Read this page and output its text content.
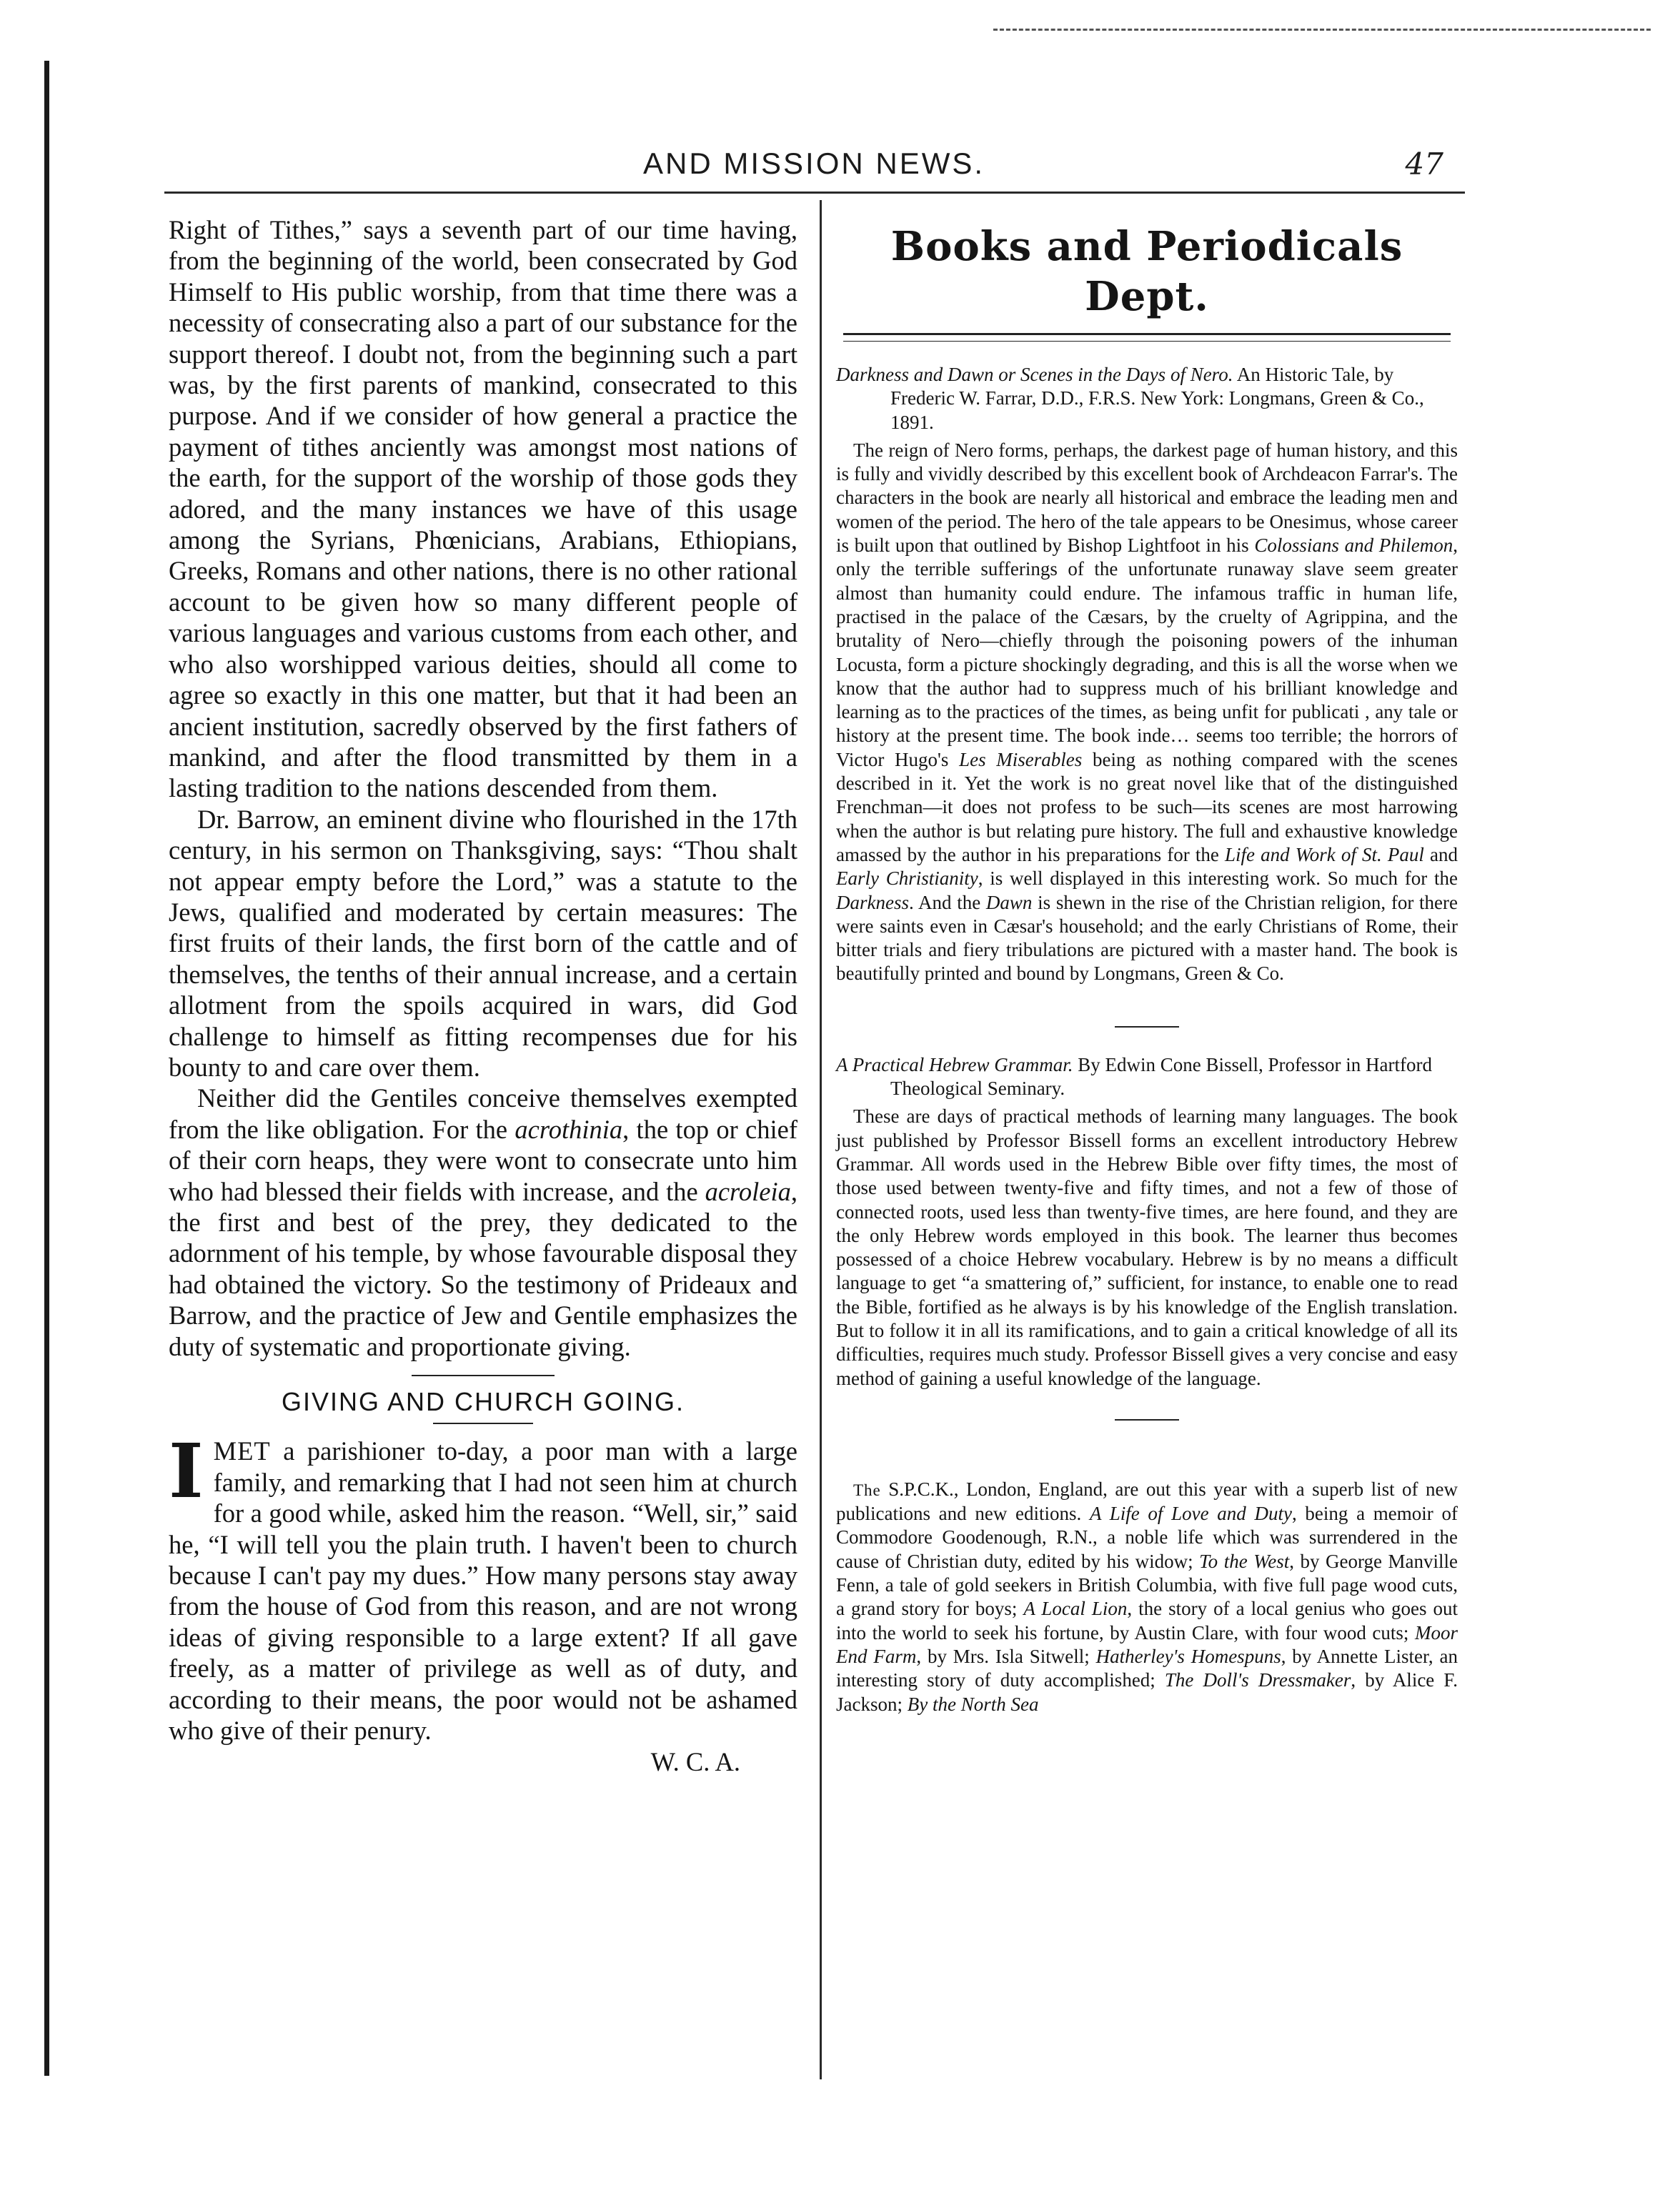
AND MISSION NEWS.	47

Right of Tithes,” says a seventh part of our time having, from the beginning of the world, been consecrated by God Himself to His public worship, from that time there was a necessity of consecrating also a part of our substance for the support thereof. I doubt not, from the beginning such a part was, by the first parents of mankind, consecrated to this purpose. And if we consider of how general a practice the payment of tithes anciently was amongst most nations of the earth, for the support of the worship of those gods they adored, and the many instances we have of this usage among the Syrians, Phœnicians, Arabians, Ethiopians, Greeks, Romans and other nations, there is no other rational account to be given how so many different people of various languages and various customs from each other, and who also worshipped various deities, should all come to agree so exactly in this one matter, but that it had been an ancient institution, sacredly observed by the first fathers of mankind, and after the flood transmitted by them in a lasting tradition to the nations descended from them.

Dr. Barrow, an eminent divine who flourished in the 17th century, in his sermon on Thanksgiving, says: “Thou shalt not appear empty before the Lord,” was a statute to the Jews, qualified and moderated by certain measures: The first fruits of their lands, the first born of the cattle and of themselves, the tenths of their annual increase, and a certain allotment from the spoils acquired in wars, did God challenge to himself as fitting recompenses due for his bounty to and care over them.

Neither did the Gentiles conceive themselves exempted from the like obligation. For the acrothinia, the top or chief of their corn heaps, they were wont to consecrate unto him who had blessed their fields with increase, and the acroleia, the first and best of the prey, they dedicated to the adornment of his temple, by whose favourable disposal they had obtained the victory. So the testimony of Prideaux and Barrow, and the practice of Jew and Gentile emphasizes the duty of systematic and proportionate giving.

GIVING AND CHURCH GOING.

IMET a parishioner to-day, a poor man with a large family, and remarking that I had not seen him at church for a good while, asked him the reason. “Well, sir,” said he, “I will tell you the plain truth. I haven't been to church because I can't pay my dues.” How many persons stay away from the house of God from this reason, and are not wrong ideas of giving responsible to a large extent? If all gave freely, as a matter of privilege as well as of duty, and according to their means, the poor would not be ashamed who give of their penury.

W. C. A.

Books and Periodicals Dept.

Darkness and Dawn or Scenes in the Days of Nero. An Historic Tale, by Frederic W. Farrar, D.D., F.R.S. New York: Longmans, Green & Co., 1891.

The reign of Nero forms, perhaps, the darkest page of human history, and this is fully and vividly described by this excellent book of Archdeacon Farrar's. The characters in the book are nearly all historical and embrace the leading men and women of the period. The hero of the tale appears to be Onesimus, whose career is built upon that outlined by Bishop Lightfoot in his Colossians and Philemon, only the terrible sufferings of the unfortunate runaway slave seem greater almost than humanity could endure. The infamous traffic in human life, practised in the palace of the Cæsars, by the cruelty of Agrippina, and the brutality of Nero—chiefly through the poisoning powers of the inhuman Locusta, form a picture shockingly degrading, and this is all the worse when we know that the author had to suppress much of his brilliant knowledge and learning as to the practices of the times, as being unfit for publicati , any tale or history at the present time. The book inde… seems too terrible; the horrors of Victor Hugo's Les Miserables being as nothing compared with the scenes described in it. Yet the work is no great novel like that of the distinguished Frenchman—it does not profess to be such—its scenes are most harrowing when the author is but relating pure history. The full and exhaustive knowledge amassed by the author in his preparations for the Life and Work of St. Paul and Early Christianity, is well displayed in this interesting work. So much for the Darkness. And the Dawn is shewn in the rise of the Christian religion, for there were saints even in Cæsar's household; and the early Christians of Rome, their bitter trials and fiery tribulations are pictured with a master hand. The book is beautifully printed and bound by Longmans, Green & Co.

A Practical Hebrew Grammar. By Edwin Cone Bissell, Professor in Hartford Theological Seminary.

These are days of practical methods of learning many languages. The book just published by Professor Bissell forms an excellent introductory Hebrew Grammar. All words used in the Hebrew Bible over fifty times, the most of those used between twenty-five and fifty times, and not a few of those of connected roots, used less than twenty-five times, are here found, and they are the only Hebrew words employed in this book. The learner thus becomes possessed of a choice Hebrew vocabulary. Hebrew is by no means a difficult language to get “a smattering of,” sufficient, for instance, to enable one to read the Bible, fortified as he always is by his knowledge of the English translation. But to follow it in all its ramifications, and to gain a critical knowledge of all its difficulties, requires much study. Professor Bissell gives a very concise and easy method of gaining a useful knowledge of the language.

The S.P.C.K., London, England, are out this year with a superb list of new publications and new editions. A Life of Love and Duty, being a memoir of Commodore Goodenough, R.N., a noble life which was surrendered in the cause of Christian duty, edited by his widow; To the West, by George Manville Fenn, a tale of gold seekers in British Columbia, with five full page wood cuts, a grand story for boys; A Local Lion, the story of a local genius who goes out into the world to seek his fortune, by Austin Clare, with four wood cuts; Moor End Farm, by Mrs. Isla Sitwell; Hatherley's Homespuns, by Annette Lister, an interesting story of duty accomplished; The Doll's Dressmaker, by Alice F. Jackson; By the North Sea
